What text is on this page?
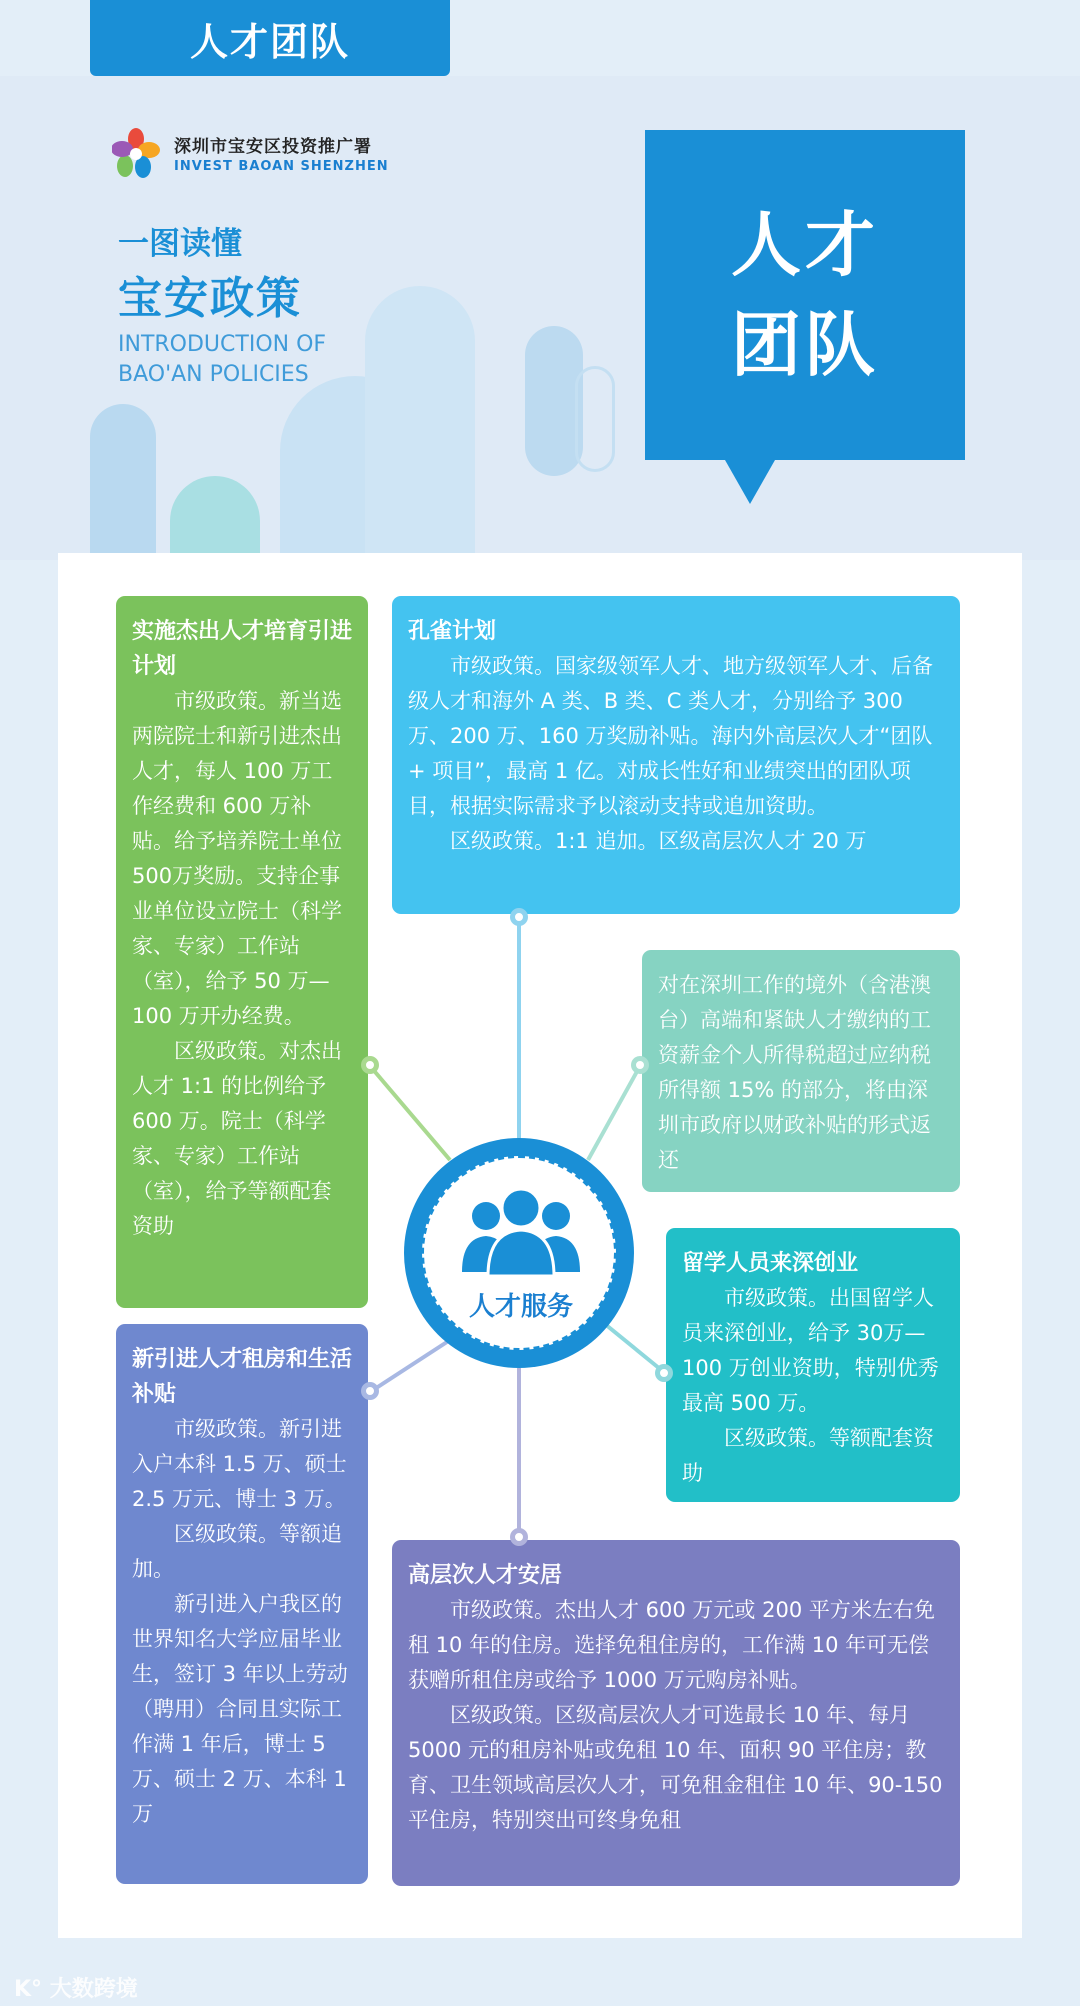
人才团队
深圳市宝安区投资推广署
INVEST BAOAN SHENZHEN
一图读懂
宝安政策
INTRODUCTION OF
BAO'AN POLICIES
人才
团队
实施杰出人才培育引进计划

市级政策。新当选两院院士和新引进杰出人才，每人 100 万工作经费和 600 万补贴。给予培养院士单位500万奖励。支持企事业单位设立院士（科学家、专家）工作站（室），给予 50 万—100 万开办经费。

区级政策。对杰出人才 1:1 的比例给予 600 万。院士（科学家、专家）工作站（室），给予等额配套资助

孔雀计划

市级政策。国家级领军人才、地方级领军人才、后备级人才和海外 A 类、B 类、C 类人才，分别给予 300 万、200 万、160 万奖励补贴。海内外高层次人才“团队 + 项目”，最高 1 亿。对成长性好和业绩突出的团队项目，根据实际需求予以滚动支持或追加资助。

区级政策。1:1 追加。区级高层次人才 20 万

对在深圳工作的境外（含港澳台）高端和紧缺人才缴纳的工资薪金个人所得税超过应纳税所得额 15% 的部分，将由深圳市政府以财政补贴的形式返还

留学人员来深创业

市级政策。出国留学人员来深创业，给予 30万—100 万创业资助，特别优秀最高 500 万。

区级政策。等额配套资助

新引进人才租房和生活补贴

市级政策。新引进入户本科 1.5 万、硕士 2.5 万元、博士 3 万。

区级政策。等额追加。

新引进入户我区的世界知名大学应届毕业生，签订 3 年以上劳动（聘用）合同且实际工作满 1 年后，博士 5 万、硕士 2 万、本科 1 万

高层次人才安居

市级政策。杰出人才 600 万元或 200 平方米左右免租 10 年的住房。选择免租住房的，工作满 10 年可无偿获赠所租住房或给予 1000 万元购房补贴。

区级政策。区级高层次人才可选最长 10 年、每月 5000 元的租房补贴或免租 10 年、面积 90 平住房；教育、卫生领域高层次人才，可免租金租住 10 年、90-150 平住房，特别突出可终身免租

人才服务
K° 大数跨境
